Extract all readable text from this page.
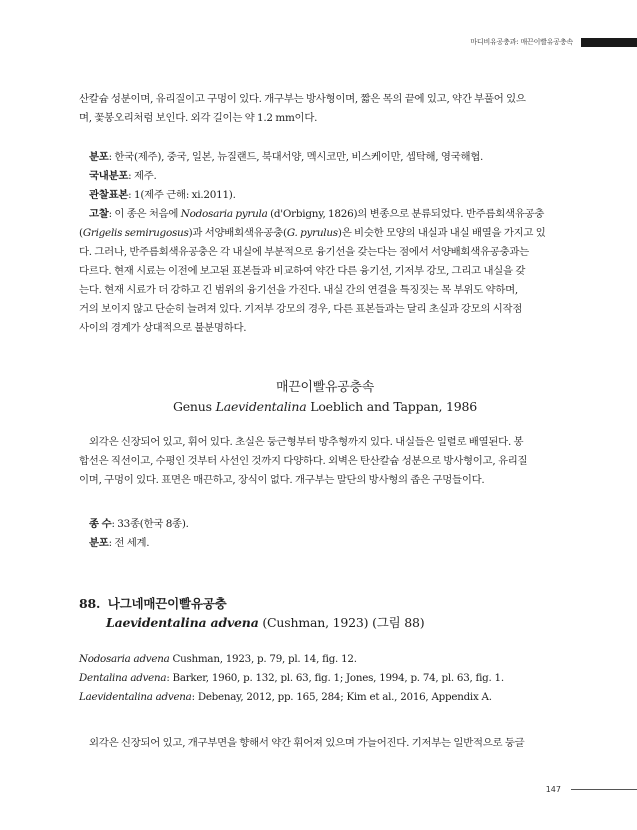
마디비유공충과: 매끈이빨유공충속
산칼슘 성분이며, 유리질이고 구멍이 있다. 개구부는 방사형이며, 짧은 목의 끝에 있고, 약간 부풀어 있으
며, 꽃봉오리처럼 보인다. 외각 길이는 약 1.2 mm이다.
분포: 한국(제주), 중국, 일본, 뉴질랜드, 북대서양, 멕시코만, 비스케이만, 셉탁해, 영국해협.
국내분포: 제주.
관찰표본: 1(제주 근해: xi.2011).
고찰: 이 종은 처음에 Nodosaria pyrula (d'Orbigny, 1826)의 변종으로 분류되었다. 반주름회색유공충
(Grigelis semirugosus)과 서양배회색유공충(G. pyrulus)은 비슷한 모양의 내실과 내실 배열을 가지고 있
다. 그러나, 반주름회색유공충은 각 내실에 부분적으로 융기선을 갖는다는 점에서 서양배회색유공충과는
다르다. 현재 시료는 이전에 보고된 표본들과 비교하여 약간 다른 융기선, 기저부 강모, 그리고 내실을 갖
는다. 현재 시료가 더 강하고 긴 범위의 융기선을 가진다. 내실 간의 연결을 특징짓는 목 부위도 약하며,
거의 보이지 않고 단순히 늘려져 있다. 기저부 강모의 경우, 다른 표본들과는 달리 초실과 강모의 시작점
사이의 경계가 상대적으로 불분명하다.
매끈이빨유공충속
Genus Laevidentalina Loeblich and Tappan, 1986
외각은 신장되어 있고, 휘어 있다. 초실은 둥근형부터 방추형까지 있다. 내실들은 일렬로 배열된다. 봉
합선은 직선이고, 수평인 것부터 사선인 것까지 다양하다. 외벽은 탄산칼슘 성분으로 방사형이고, 유리질
이며, 구멍이 있다. 표면은 매끈하고, 장식이 없다. 개구부는 말단의 방사형의 좁은 구멍들이다.
종 수: 33종(한국 8종).
분포: 전 세계.
88. 나그네매끈이빨유공충
Laevidentalina advena (Cushman, 1923) (그림 88)
Nodosaria advena Cushman, 1923, p. 79, pl. 14, fig. 12.
Dentalina advena: Barker, 1960, p. 132, pl. 63, fig. 1; Jones, 1994, p. 74, pl. 63, fig. 1.
Laevidentalina advena: Debenay, 2012, pp. 165, 284; Kim et al., 2016, Appendix A.
외각은 신장되어 있고, 개구부면을 향해서 약간 휘어져 있으며 가늘어진다. 기저부는 일반적으로 둥글
147
